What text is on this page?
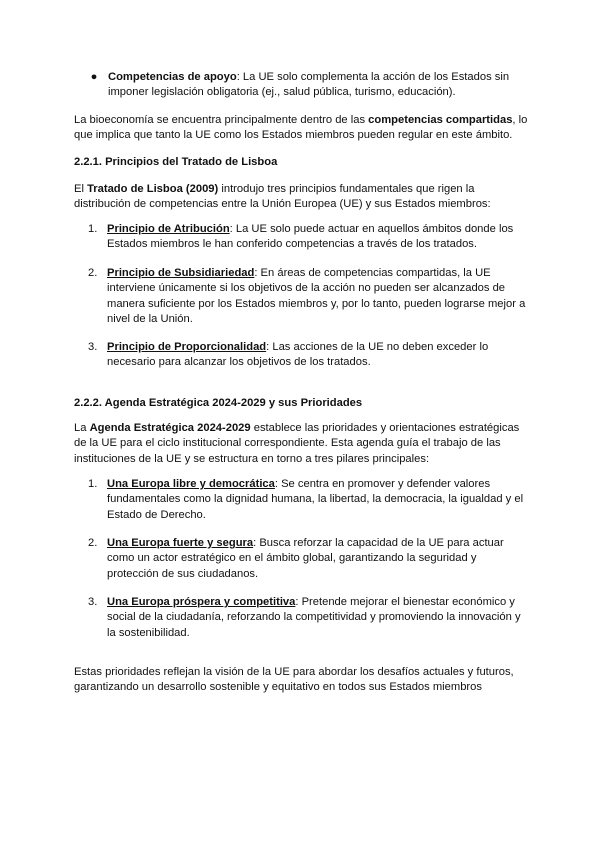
● Competencias de apoyo: La UE solo complementa la acción de los Estados sin imponer legislación obligatoria (ej., salud pública, turismo, educación).

La bioeconomía se encuentra principalmente dentro de las competencias compartidas, lo que implica que tanto la UE como los Estados miembros pueden regular en este ámbito.

2.2.1. Principios del Tratado de Lisboa

El Tratado de Lisboa (2009) introdujo tres principios fundamentales que rigen la distribución de competencias entre la Unión Europea (UE) y sus Estados miembros:

1. Principio de Atribución: La UE solo puede actuar en aquellos ámbitos donde los Estados miembros le han conferido competencias a través de los tratados.
2. Principio de Subsidiariedad: En áreas de competencias compartidas, la UE interviene únicamente si los objetivos de la acción no pueden ser alcanzados de manera suficiente por los Estados miembros y, por lo tanto, pueden lograrse mejor a nivel de la Unión.
3. Principio de Proporcionalidad: Las acciones de la UE no deben exceder lo necesario para alcanzar los objetivos de los tratados.
2.2.2. Agenda Estratégica 2024-2029 y sus Prioridades

La Agenda Estratégica 2024-2029 establece las prioridades y orientaciones estratégicas de la UE para el ciclo institucional correspondiente. Esta agenda guía el trabajo de las instituciones de la UE y se estructura en torno a tres pilares principales:

1. Una Europa libre y democrática: Se centra en promover y defender valores fundamentales como la dignidad humana, la libertad, la democracia, la igualdad y el Estado de Derecho.
2. Una Europa fuerte y segura: Busca reforzar la capacidad de la UE para actuar como un actor estratégico en el ámbito global, garantizando la seguridad y protección de sus ciudadanos.
3. Una Europa próspera y competitiva: Pretende mejorar el bienestar económico y social de la ciudadanía, reforzando la competitividad y promoviendo la innovación y la sostenibilidad.

Estas prioridades reflejan la visión de la UE para abordar los desafíos actuales y futuros, garantizando un desarrollo sostenible y equitativo en todos sus Estados miembros
